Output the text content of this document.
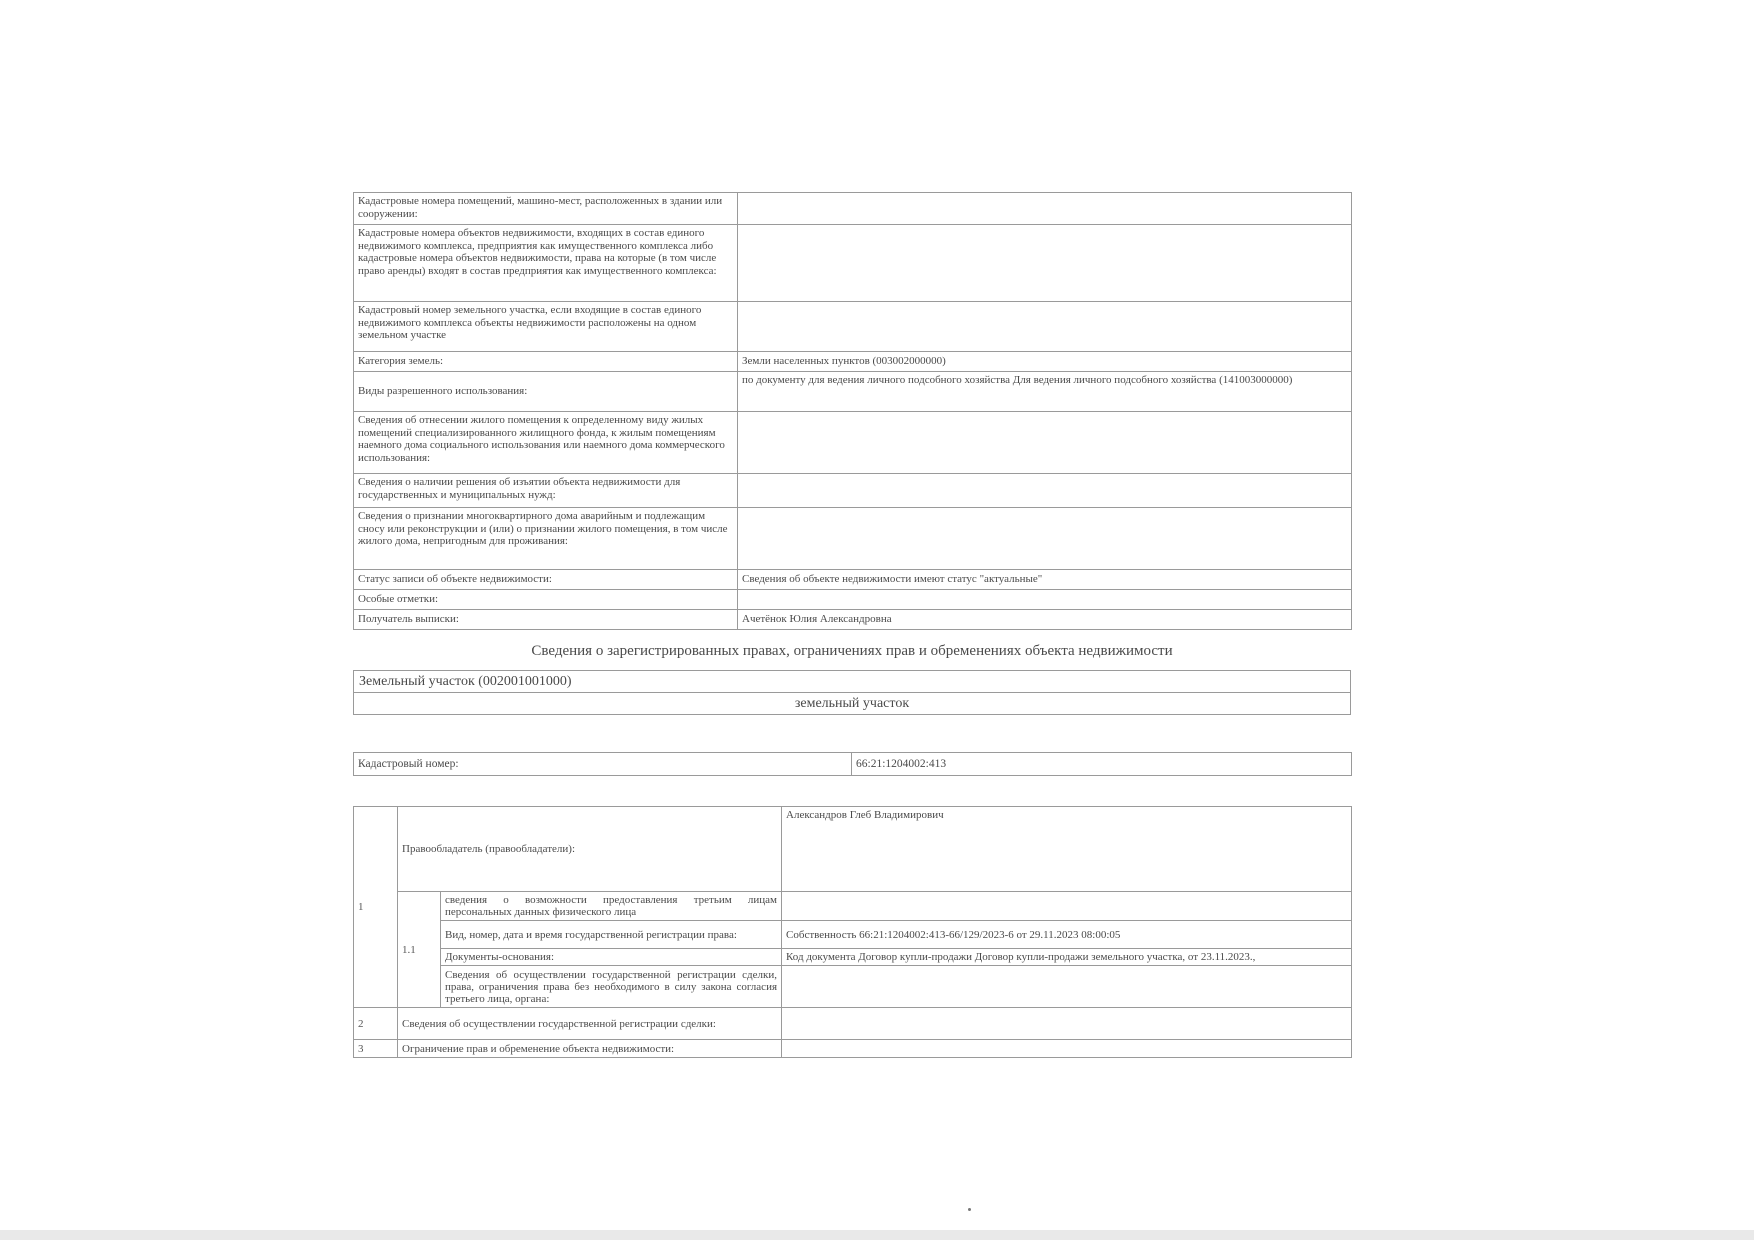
Кадастровые номера помещений, машино-мест, расположенных в здании или сооружении:	
Кадастровые номера объектов недвижимости, входящих в состав единого недвижимого комплекса, предприятия как имущественного комплекса либо кадастровые номера объектов недвижимости, права на которые (в том числе право аренды) входят в состав предприятия как имущественного комплекса:	
Кадастровый номер земельного участка, если входящие в состав единого недвижимого комплекса объекты недвижимости расположены на одном земельном участке	
Категория земель:	Земли населенных пунктов (003002000000)
Виды разрешенного использования:	по документу для ведения личного подсобного хозяйства Для ведения личного подсобного хозяйства (141003000000)
Сведения об отнесении жилого помещения к определенному виду жилых помещений специализированного жилищного фонда, к жилым помещениям наемного дома социального использования или наемного дома коммерческого использования:	
Сведения о наличии решения об изъятии объекта недвижимости для государственных и муниципальных нужд:	
Сведения о признании многоквартирного дома аварийным и подлежащим сносу или реконструкции и (или) о признании жилого помещения, в том числе жилого дома, непригодным для проживания:	
Статус записи об объекте недвижимости:	Сведения об объекте недвижимости имеют статус "актуальные"
Особые отметки:	
Получатель выписки:	Ачетёнок Юлия Александровна
Сведения о зарегистрированных правах, ограничениях прав и обременениях объекта недвижимости
Земельный участок (002001001000)
земельный участок
Кадастровый номер:	66:21:1204002:413
1	Правообладатель (правообладатели):		Александров Глеб Владимирович
	1.1	сведения о возможности предоставления третьим лицам персональных данных физического лица	
		Вид, номер, дата и время государственной регистрации права:	Собственность 66:21:1204002:413-66/129/2023-6 от 29.11.2023 08:00:05
		Документы-основания:	Код документа Договор купли-продажи Договор купли-продажи земельного участка, от 23.11.2023.,
		Сведения об осуществлении государственной регистрации сделки, права, ограничения права без необходимого в силу закона согласия третьего лица, органа:	
2	Сведения об осуществлении государственной регистрации сделки:		
3	Ограничение прав и обременение объекта недвижимости:		
